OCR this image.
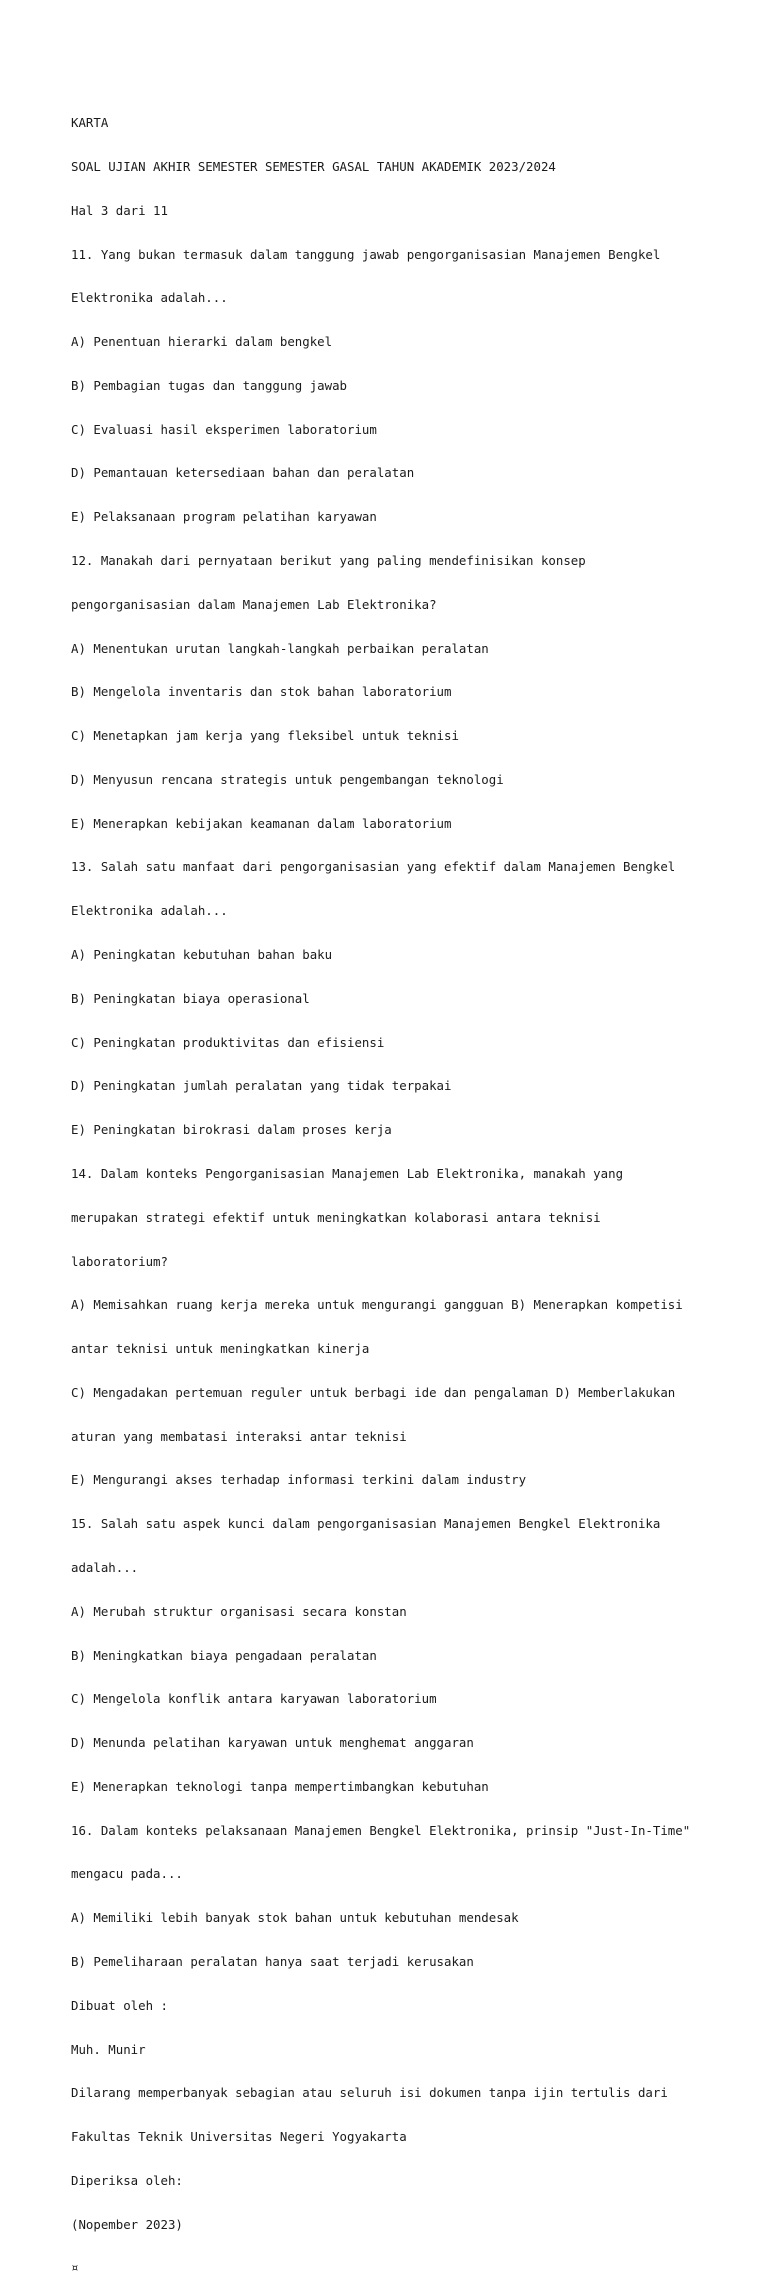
KARTA

SOAL UJIAN AKHIR SEMESTER SEMESTER GASAL TAHUN AKADEMIK 2023/2024

Hal 3 dari 11

11. Yang bukan termasuk dalam tanggung jawab pengorganisasian Manajemen Bengkel

Elektronika adalah...

A) Penentuan hierarki dalam bengkel

B) Pembagian tugas dan tanggung jawab

C) Evaluasi hasil eksperimen laboratorium

D) Pemantauan ketersediaan bahan dan peralatan

E) Pelaksanaan program pelatihan karyawan

12. Manakah dari pernyataan berikut yang paling mendefinisikan konsep

pengorganisasian dalam Manajemen Lab Elektronika?

A) Menentukan urutan langkah-langkah perbaikan peralatan

B) Mengelola inventaris dan stok bahan laboratorium

C) Menetapkan jam kerja yang fleksibel untuk teknisi

D) Menyusun rencana strategis untuk pengembangan teknologi

E) Menerapkan kebijakan keamanan dalam laboratorium

13. Salah satu manfaat dari pengorganisasian yang efektif dalam Manajemen Bengkel

Elektronika adalah...

A) Peningkatan kebutuhan bahan baku

B) Peningkatan biaya operasional

C) Peningkatan produktivitas dan efisiensi

D) Peningkatan jumlah peralatan yang tidak terpakai

E) Peningkatan birokrasi dalam proses kerja

14. Dalam konteks Pengorganisasian Manajemen Lab Elektronika, manakah yang

merupakan strategi efektif untuk meningkatkan kolaborasi antara teknisi

laboratorium?

A) Memisahkan ruang kerja mereka untuk mengurangi gangguan B) Menerapkan kompetisi

antar teknisi untuk meningkatkan kinerja

C) Mengadakan pertemuan reguler untuk berbagi ide dan pengalaman D) Memberlakukan

aturan yang membatasi interaksi antar teknisi

E) Mengurangi akses terhadap informasi terkini dalam industry

15. Salah satu aspek kunci dalam pengorganisasian Manajemen Bengkel Elektronika

adalah...

A) Merubah struktur organisasi secara konstan

B) Meningkatkan biaya pengadaan peralatan

C) Mengelola konflik antara karyawan laboratorium

D) Menunda pelatihan karyawan untuk menghemat anggaran

E) Menerapkan teknologi tanpa mempertimbangkan kebutuhan

16. Dalam konteks pelaksanaan Manajemen Bengkel Elektronika, prinsip "Just-In-Time"

mengacu pada...

A) Memiliki lebih banyak stok bahan untuk kebutuhan mendesak

B) Pemeliharaan peralatan hanya saat terjadi kerusakan

Dibuat oleh :

Muh. Munir

Dilarang memperbanyak sebagian atau seluruh isi dokumen tanpa ijin tertulis dari

Fakultas Teknik Universitas Negeri Yogyakarta

Diperiksa oleh:

(Nopember 2023)

¤
